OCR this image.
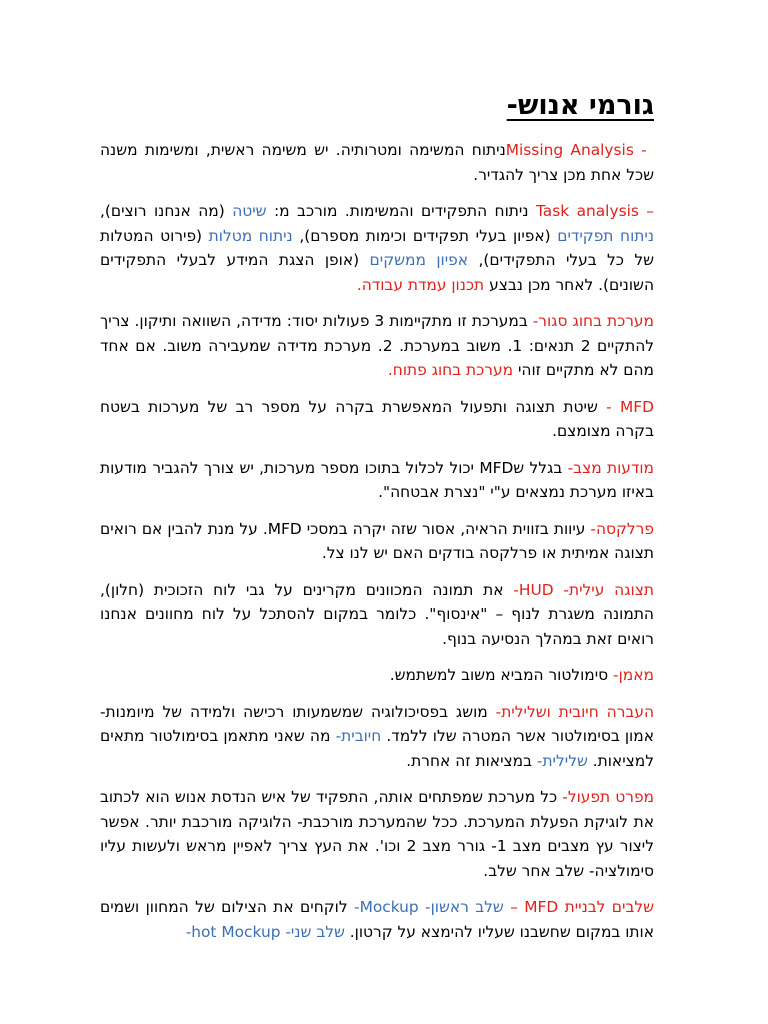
גורמי אנוש-

Missing Analysis - ניתוח המשימה ומטרותיה. יש משימה ראשית, ומשימות משנה שכל אחת מכן צריך להגדיר.

Task analysis – ניתוח התפקידים והמשימות. מורכב מ: שיטה (מה אנחנו רוצים), ניתוח תפקידים (אפיון בעלי תפקידים וכימות מספרם), ניתוח מטלות (פירוט המטלות של כל בעלי התפקידים), אפיון ממשקים (אופן הצגת המידע לבעלי התפקידים השונים). לאחר מכן נבצע תכנון עמדת עבודה.

מערכת בחוג סגור- במערכת זו מתקיימות 3 פעולות יסוד: מדידה, השוואה ותיקון. צריך להתקיים 2 תנאים: 1. משוב במערכת. 2. מערכת מדידה שמעבירה משוב. אם אחד מהם לא מתקיים זוהי מערכת בחוג פתוח.

MFD - שיטת תצוגה ותפעול המאפשרת בקרה על מספר רב של מערכות בשטח בקרה מצומצם.

מודעות מצב- בגלל שMFD יכול לכלול בתוכו מספר מערכות, יש צורך להגביר מודעות באיזו מערכת נמצאים ע"י "נצרת אבטחה".

פרלקסה- עיוות בזווית הראיה, אסור שזה יקרה במסכי MFD. על מנת להבין אם רואים תצוגה אמיתית או פרלקסה בודקים האם יש לנו צל.

תצוגה עילית- HUD- את תמונה המכוונים מקרינים על גבי לוח הזכוכית (חלון), התמונה משגרת לנוף – "אינסוף". כלומר במקום להסתכל על לוח מחוונים אנחנו רואים זאת במהלך הנסיעה בנוף.

מאמן- סימולטור המביא משוב למשתמש.

העברה חיובית ושלילית- מושג בפסיכולוגיה שמשמעותו רכישה ולמידה של מיומנות- אמון בסימולטור אשר המטרה שלו ללמד. חיובית- מה שאני מתאמן בסימולטור מתאים למציאות. שלילית- במציאות זה אחרת.

מפרט תפעול- כל מערכת שמפתחים אותה, התפקיד של איש הנדסת אנוש הוא לכתוב את לוגיקת הפעלת המערכת. ככל שהמערכת מורכבת- הלוגיקה מורכבת יותר. אפשר ליצור עץ מצבים מצב 1- גורר מצב 2 וכו'. את העץ צריך לאפיין מראש ולעשות עליו סימולציה- שלב אחר שלב.

שלבים לבניית MFD – שלב ראשון- Mockup- לוקחים את הצילום של המחוון ושמים אותו במקום שחשבנו שעליו להימצא על קרטון. שלב שני- hot Mockup-
